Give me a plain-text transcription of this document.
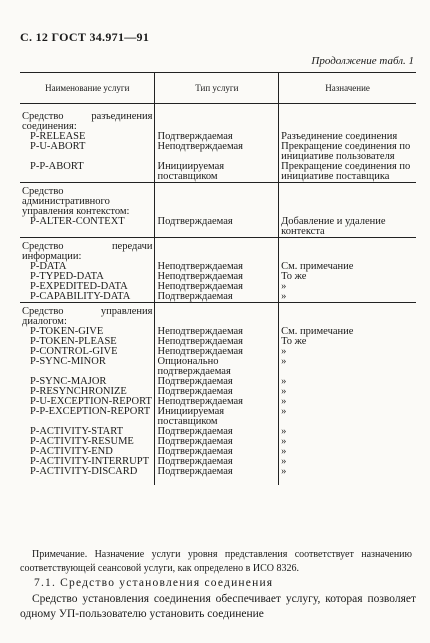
С. 12 ГОСТ 34.971—91
Продолжение табл. 1
Наименование услуги	Тип услуги	Назначение

Средство разъединения соединения:		
P-RELEASE	Подтверждаемая	Разъединение соединения
P-U-ABORT	Неподтверждаемая	Прекращение соединения по инициативе пользователя
P-P-ABORT	Инициируемая поставщиком	Прекращение соединения по инициативе поставщика

Средство административного управления контекстом:		
P-ALTER-CONTEXT	Подтверждаемая	Добавление и удаление контекста

Средство передачи информации:		
P-DATA	Неподтверждаемая	См. примечание
P-TYPED-DATA	Неподтверждаемая	То же
P-EXPEDITED-DATA	Неподтверждаемая	»
P-CAPABILITY-DATA	Подтверждаемая	»

Средство управления диалогом:		
P-TOKEN-GIVE	Неподтверждаемая	См. примечание
P-TOKEN-PLEASE	Неподтверждаемая	То же
P-CONTROL-GIVE	Неподтверждаемая	»
P-SYNC-MINOR	Опционально подтверждаемая	»
P-SYNC-MAJOR	Подтверждаемая	»
P-RESYNCHRONIZE	Подтверждаемая	»
P-U-EXCEPTION-REPORT	Неподтверждаемая	»
P-P-EXCEPTION-REPORT	Инициируемая поставщиком	»
P-ACTIVITY-START	Подтверждаемая	»
P-ACTIVITY-RESUME	Подтверждаемая	»
P-ACTIVITY-END	Подтверждаемая	»
P-ACTIVITY-INTERRUPT	Подтверждаемая	»
P-ACTIVITY-DISCARD	Подтверждаемая	»

Примечание. Назначение услуги уровня представления соответствует назначению соответствующей сеансовой услуги, как определено в ИСО 8326.
7.1. Средство установления соединения
Средство установления соединения обеспечивает услугу, которая позволяет одному УП-пользователю установить соединение
